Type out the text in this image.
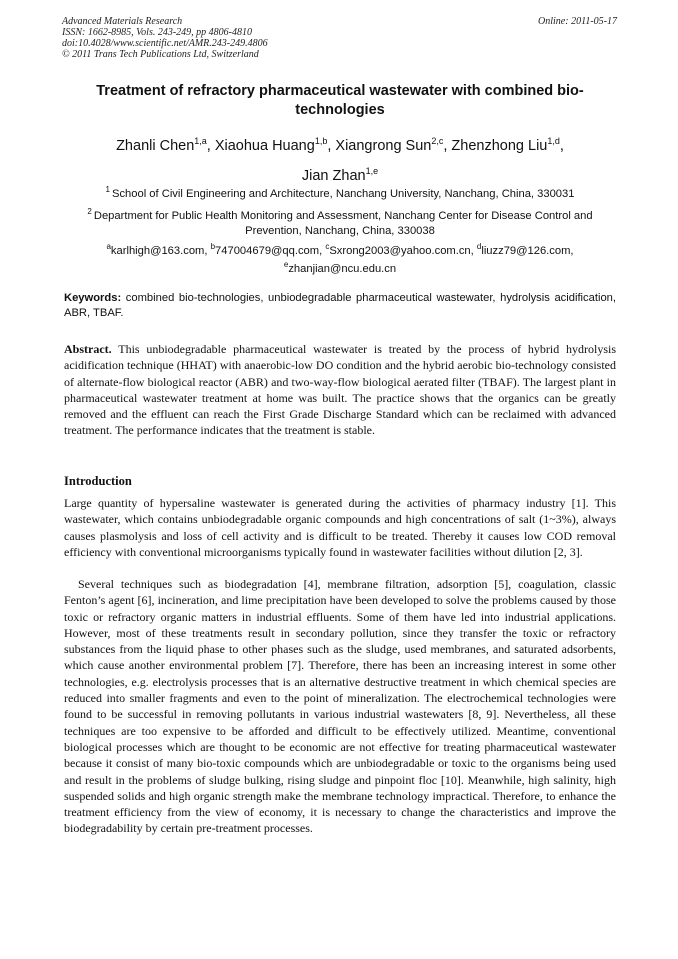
Advanced Materials Research
ISSN: 1662-8985, Vols. 243-249, pp 4806-4810
doi:10.4028/www.scientific.net/AMR.243-249.4806
© 2011 Trans Tech Publications Ltd, Switzerland
Online: 2011-05-17
Treatment of refractory pharmaceutical wastewater with combined bio-technologies
Zhanli Chen$^{1,a}$, Xiaohua Huang$^{1,b}$, Xiangrong Sun$^{2,c}$, Zhenzhong Liu$^{1,d}$,
Jian Zhan$^{1,e}$
$^1$ School of Civil Engineering and Architecture, Nanchang University, Nanchang, China, 330031
$^2$ Department for Public Health Monitoring and Assessment, Nanchang Center for Disease Control and Prevention, Nanchang, China, 330038
$^a$karlhigh@163.com, $^b$747004679@qq.com, $^c$Sxrong2003@yahoo.com.cn, $^d$liuzz79@126.com,
$^e$zhanjian@ncu.edu.cn
Keywords: combined bio-technologies, unbiodegradable pharmaceutical wastewater, hydrolysis acidification, ABR, TBAF.
Abstract. This unbiodegradable pharmaceutical wastewater is treated by the process of hybrid hydrolysis acidification technique (HHAT) with anaerobic-low DO condition and the hybrid aerobic bio-technology consisted of alternate-flow biological reactor (ABR) and two-way-flow biological aerated filter (TBAF). The largest plant in pharmaceutical wastewater treatment at home was built. The practice shows that the organics can be greatly removed and the effluent can reach the First Grade Discharge Standard which can be reclaimed with advanced treatment. The performance indicates that the treatment is stable.
Introduction

Large quantity of hypersaline wastewater is generated during the activities of pharmacy industry [1]. This wastewater, which contains unbiodegradable organic compounds and high concentrations of salt (1~3%), always causes plasmolysis and loss of cell activity and is difficult to be treated. Thereby it causes low COD removal efficiency with conventional microorganisms typically found in wastewater facilities without dilution [2, 3].

Several techniques such as biodegradation [4], membrane filtration, adsorption [5], coagulation, classic Fenton’s agent [6], incineration, and lime precipitation have been developed to solve the problems caused by those toxic or refractory organic matters in industrial effluents. Some of them have led into industrial applications. However, most of these treatments result in secondary pollution, since they transfer the toxic or refractory substances from the liquid phase to other phases such as the sludge, used membranes, and saturated adsorbents, which cause another environmental problem [7]. Therefore, there has been an increasing interest in some other technologies, e.g. electrolysis processes that is an alternative destructive treatment in which chemical species are reduced into smaller fragments and even to the point of mineralization. The electrochemical technologies were found to be successful in removing pollutants in various industrial wastewaters [8, 9]. Nevertheless, all these techniques are too expensive to be afforded and difficult to be effectively utilized. Meantime, conventional biological processes which are thought to be economic are not effective for treating pharmaceutical wastewater because it consist of many bio-toxic compounds which are unbiodegradable or toxic to the organisms being used and result in the problems of sludge bulking, rising sludge and pinpoint floc [10]. Meanwhile, high salinity, high suspended solids and high organic strength make the membrane technology impractical. Therefore, to enhance the treatment efficiency from the view of economy, it is necessary to change the characteristics and improve the biodegradability by certain pre-treatment processes.
